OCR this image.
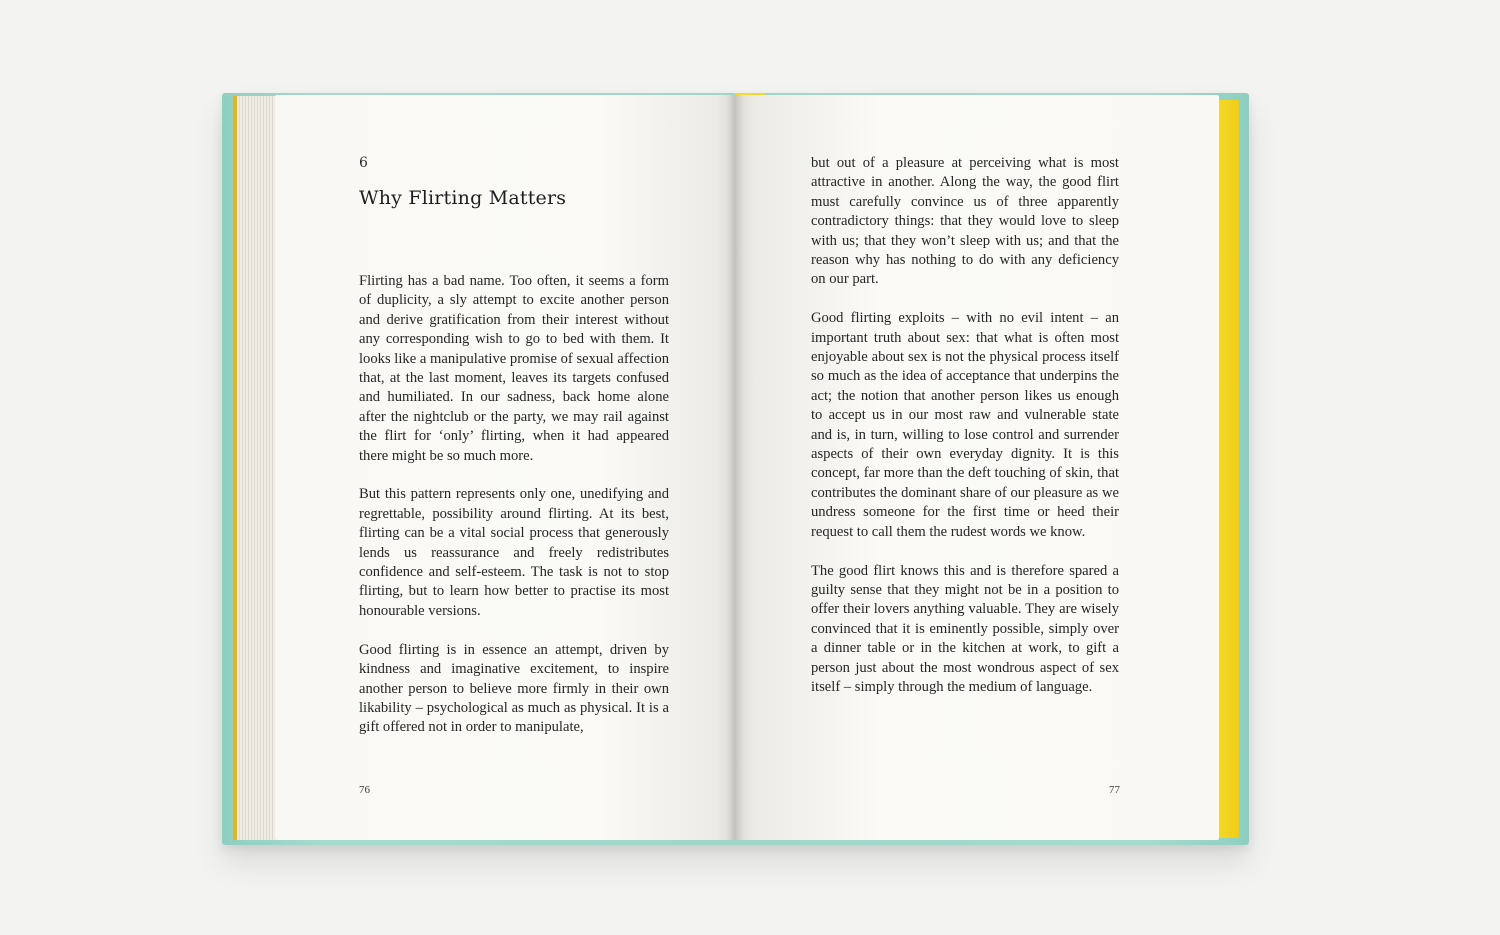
6
Why Flirting Matters

Flirting has a bad name. Too often, it seems a form of duplicity, a sly attempt to excite another person and derive gratification from their interest without any corresponding wish to go to bed with them. It looks like a manipulative promise of sexual affection that, at the last moment, leaves its targets confused and humiliated. In our sadness, back home alone after the nightclub or the party, we may rail against the flirt for ‘only’ flirting, when it had appeared there might be so much more.

But this pattern represents only one, unedifying and regrettable, possibility around flirting. At its best, flirting can be a vital social process that generously lends us reassurance and freely redistributes confidence and self-esteem. The task is not to stop flirting, but to learn how better to practise its most honourable versions.

Good flirting is in essence an attempt, driven by kindness and imaginative excitement, to inspire another person to believe more firmly in their own likability – psychological as much as physical. It is a gift offered not in order to manipulate,

76

but out of a pleasure at perceiving what is most attractive in another. Along the way, the good flirt must carefully convince us of three apparently contradictory things: that they would love to sleep with us; that they won’t sleep with us; and that the reason why has nothing to do with any deficiency on our part.

Good flirting exploits – with no evil intent – an important truth about sex: that what is often most enjoyable about sex is not the physical process itself so much as the idea of acceptance that underpins the act; the notion that another person likes us enough to accept us in our most raw and vulnerable state and is, in turn, willing to lose control and surrender aspects of their own everyday dignity. It is this concept, far more than the deft touching of skin, that contributes the dominant share of our pleasure as we undress someone for the first time or heed their request to call them the rudest words we know.

The good flirt knows this and is therefore spared a guilty sense that they might not be in a position to offer their lovers anything valuable. They are wisely convinced that it is eminently possible, simply over a dinner table or in the kitchen at work, to gift a person just about the most wondrous aspect of sex itself – simply through the medium of language.

77
